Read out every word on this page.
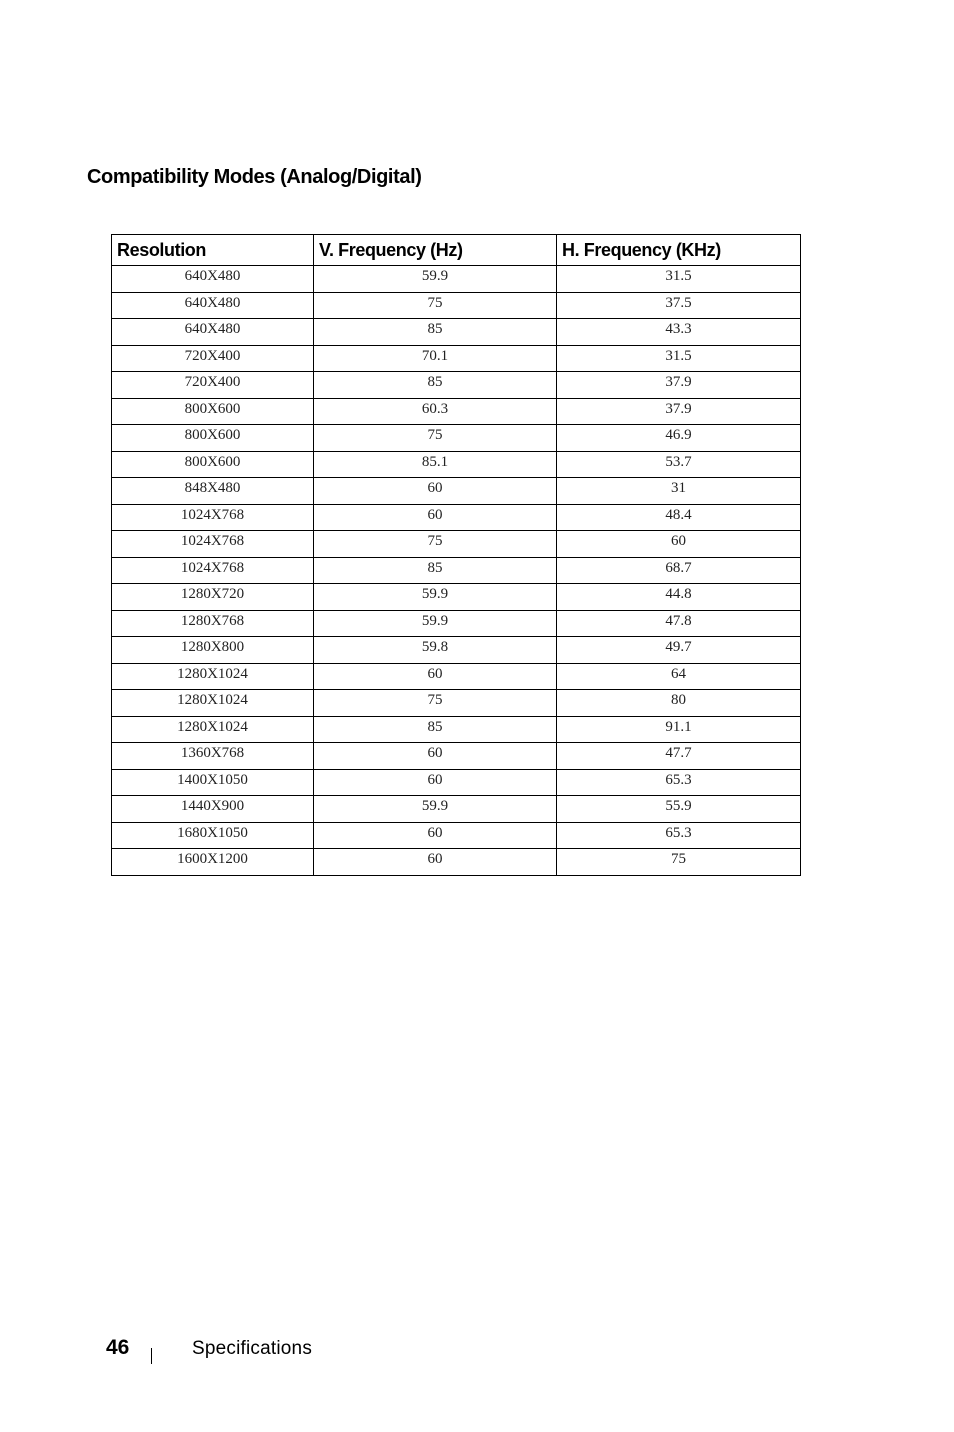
Compatibility Modes (Analog/Digital)
Resolution	V. Frequency (Hz)	H. Frequency (KHz)
640X480	59.9	31.5
640X480	75	37.5
640X480	85	43.3
720X400	70.1	31.5
720X400	85	37.9
800X600	60.3	37.9
800X600	75	46.9
800X600	85.1	53.7
848X480	60	31
1024X768	60	48.4
1024X768	75	60
1024X768	85	68.7
1280X720	59.9	44.8
1280X768	59.9	47.8
1280X800	59.8	49.7
1280X1024	60	64
1280X1024	75	80
1280X1024	85	91.1
1360X768	60	47.7
1400X1050	60	65.3
1440X900	59.9	55.9
1680X1050	60	65.3
1600X1200	60	75
46	Specifications
